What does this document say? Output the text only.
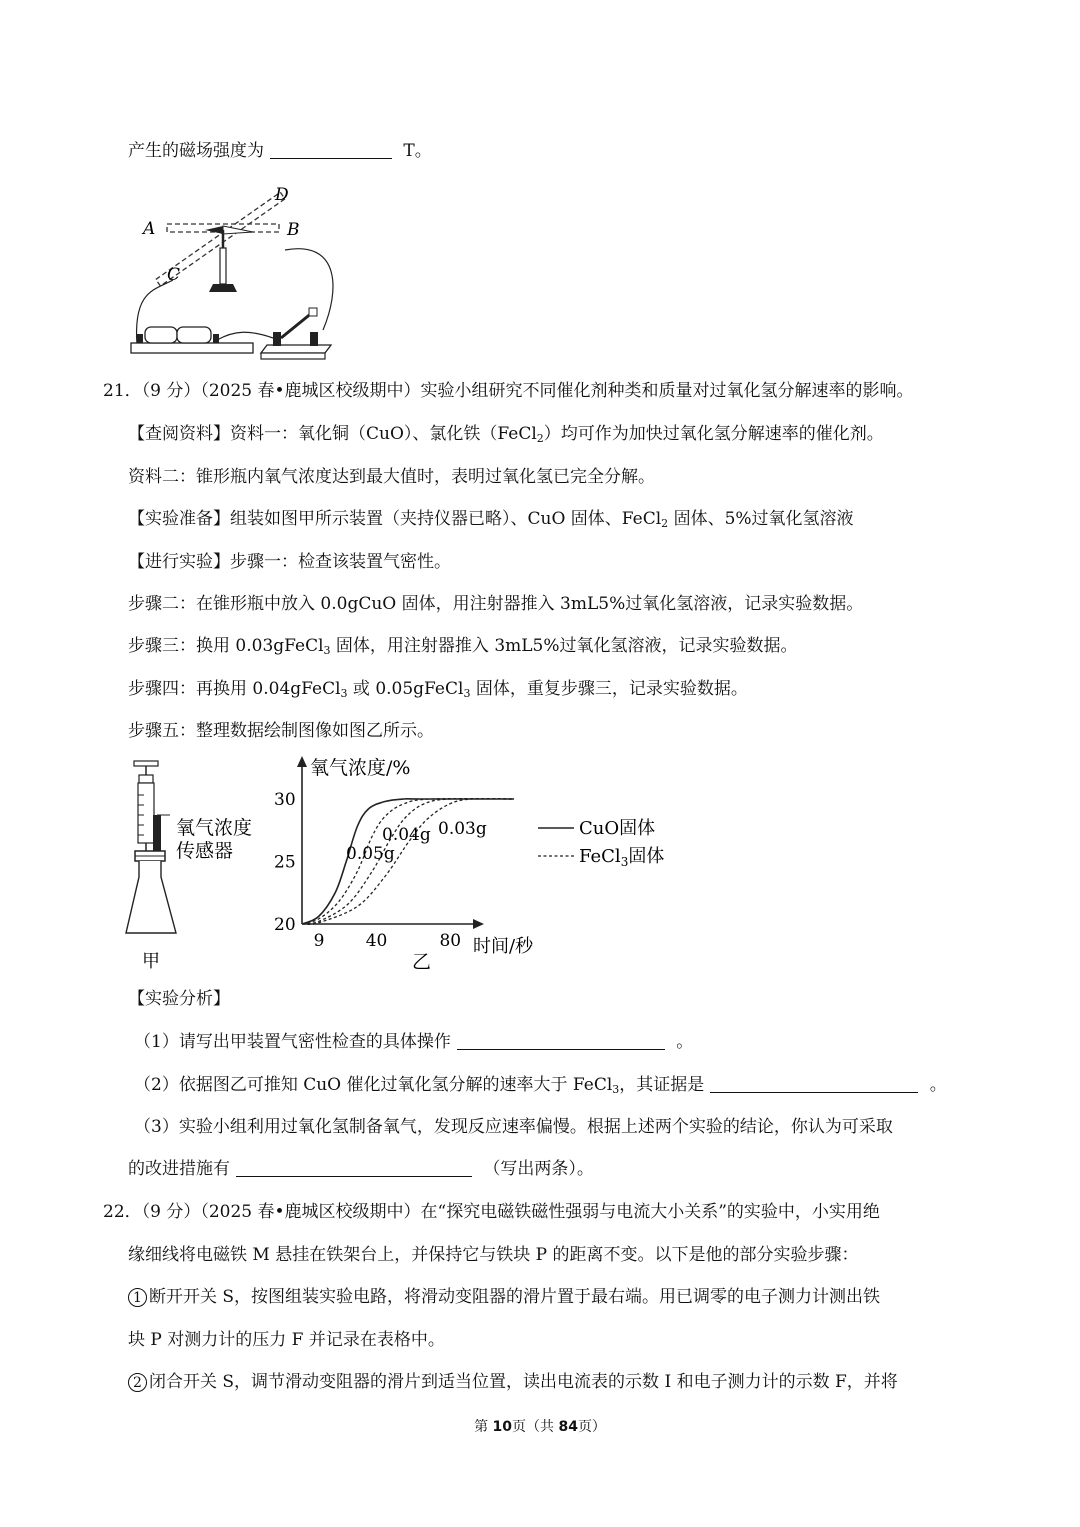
产生的磁场强度为	T。
A	B
C
D
21．（9 分）（2025 春•鹿城区校级期中）实验小组研究不同催化剂种类和质量对过氧化氢分解速率的影响。
【查阅资料】资料一：氧化铜（CuO）、氯化铁（FeCl$_2$）均可作为加快过氧化氢分解速率的催化剂。
资料二：锥形瓶内氧气浓度达到最大值时，表明过氧化氢已完全分解。
【实验准备】组装如图甲所示装置（夹持仪器已略）、CuO 固体、FeCl$_2$ 固体、5%过氧化氢溶液
【进行实验】步骤一：检查该装置气密性。
步骤二：在锥形瓶中放入 0.0gCuO 固体，用注射器推入 3mL5%过氧化氢溶液，记录实验数据。
步骤三：换用 0.03gFeCl$_3$ 固体，用注射器推入 3mL5%过氧化氢溶液，记录实验数据。
步骤四：再换用 0.04gFeCl$_3$ 或 0.05gFeCl$_3$ 固体，重复步骤三，记录实验数据。
步骤五：整理数据绘制图像如图乙所示。
氧气浓度
传感器
甲
20
25
30
9 40	80
氧气浓度/%
时间/秒
乙
0.05g
0.04g 0.03g	CuO固体
FeCl$_3$固体
【实验分析】
（1）请写出甲装置气密性检查的具体操作	。
（2）依据图乙可推知 CuO 催化过氧化氢分解的速率大于 FeCl$_3$，其证据是	。
（3）实验小组利用过氧化氢制备氧气，发现反应速率偏慢。根据上述两个实验的结论，你认为可采取
的改进措施有	（写出两条）。
22．（9 分）（2025 春•鹿城区校级期中）在“探究电磁铁磁性强弱与电流大小关系”的实验中，小实用绝
缘细线将电磁铁 M 悬挂在铁架台上，并保持它与铁块 P 的距离不变。以下是他的部分实验步骤：
1 断开开关 S，按图组装实验电路，将滑动变阻器的滑片置于最右端。用已调零的电子测力计测出铁
块 P 对测力计的压力 F 并记录在表格中。
2 闭合开关 S，调节滑动变阻器的滑片到适当位置，读出电流表的示数 I 和电子测力计的示数 F，并将
第 10页（共 84页）
